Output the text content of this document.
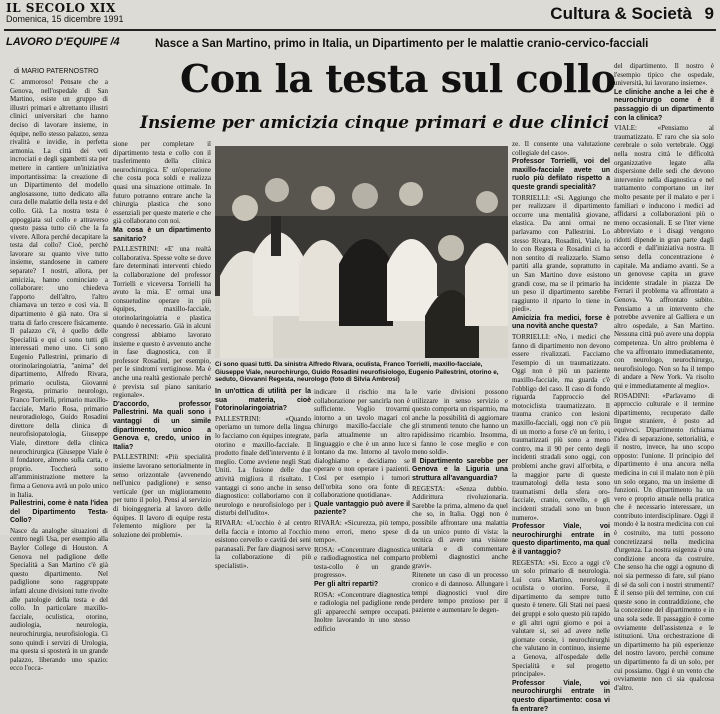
IL SECOLO XIX
Domenica, 15 dicembre 1991	Cultura & Società 9
LAVORO D'EQUIPE /4
di MARIO PATERNOSTRO
Nasce a San Martino, primo in Italia, un Dipartimento per le malattie cranio-cervico-facciali
Con la testa sul collo
Insieme per amicizia cinque primari e due clinici

C ammoroso! Pensate che a Genova, nell'ospedale di San Martino, esiste un gruppo di illustri primari e altrettanto illustri clinici universitari che hanno deciso di lavorare insieme, in équipe, nello stesso palazzo, senza rivalità e invidie, in perfetta armonia. La città dei veti incrociati e degli sgambetti sta per mettere in cantiere un'iniziativa importantissima: la creazione di un Dipartimento del modello anglosassone, tutto dedicato alla cura delle malattie della testa e del collo. Già. La nostra testa è appoggiata sul collo e attraverso questo passa tutto ciò che la fa vivere. Allora perchè decapitare la testa dal collo? Cioè, perchè lavorare su quanto vive tutto insieme, standosene in camere separate? I nostri, allora, per amicizia, hanno cominciato a collaborare: uno chiedeva l'apporto dell'altro, l'altro chiamava un terzo e così via. Il dipartimento è già nato. Ora si tratta di farlo crescere fisicamente. Il palazzo c'è, è quello delle Specialità e qui ci sono tutti gli interessati meno uno. Ci sono Eugenio Pallestrini, primario di otorinolaringoiatria, "anima" del dipartimento, Alfredo Rivara, primario oculista, Giovanni Regesta, primario neurologo, Franco Torrielli, primario maxillo-facciale, Mario Rosa, primario neuroradiologo, Guido Rosadini direttore della clinica di neurofisiopatologia, Giuseppe Viale, direttore della clinica neurochirurgica (Giuseppe Viale è il fondatore, almeno sulla carta, e proprio. Toccherà sotto all'amministrazione mettere la firma a Genova avrà un polo unico in Italia.

Pallestrini, come è nata l'idea del Dipartimento Testa-Collo?

Nasce da analoghe situazioni di centro negli Usa, per esempio alla Baylor College di Houston. A Genova nel padiglione delle Specialità a San Martino c'è già questo dipartimento. Nel padiglione sono raggruppate infatti alcune divisioni tutte rivolte alle patologie della testa e del collo. In particolare maxillo-facciale, oculistica, otorino, audiologia, neurologia, neurochirurgia, neurofisiologia. Ci sono quindi i servizi di Urologia, ma questa si sposterà in un grande palazzo, liberando uno spazio: ecco l'occa-

sione per completare il dipartimento testa e collo con il trasferimento della clinica neurochirurgica. E' un'operazione che costa poca soldi e realizza quasi una situazione ottimale. In futuro potranno entrare anche la chirurgia plastica che sono essenziali per queste materie e che già collaborano con noi.

Ma cosa è un dipartimento sanitario?

PALLESTRINI: «E' una realtà collaborativa. Spesse volte se dove fare determinati interventi chiedo la collaborazione del professor Torrielli e viceversa Torrielli ha avuto la mia. E' ormai una consuetudine operare in più équipes, maxillo-facciale, otorinolaringoiatria e plastica quando è necessario. Già in alcuni congressi abbiamo lavorato insieme e questo è avvenuto anche in fase diagnostica, con il professor Rosadini, per esempio, per le sindromi vertiginose. Ma è anche una realtà gestionale perchè è prevista sul piano sanitario regionale».

D'accordo, professor Pallestrini. Ma quali sono i vantaggi di un simile dipartimento, unico a Genova e, credo, unico in Italia?

PALLESTRINI: «Più specialità insieme lavorano settorialmente in senso orizzontale (avvenendo nell'unico padiglione) e senso verticale (per un miglioramento per tutto il polo). Pensi al servizio di bioingegneria al lavoro delle équipes. Il lavoro di equipe resta l'elemento migliore per la soluzione dei problemi».

Ci sono quasi tutti. Da sinistra Alfredo Rivara, oculista, Franco Torrielli, maxillo-facciale, Giuseppe Viale, neurochirurgo, Guido Rosadini neurofisiologo, Eugenio Pallestrini, otorino e, seduto, Giovanni Regesta, neurologo (foto di Silvia Ambrosi)

In un'ottica di utilità per la sua materia, cioè l'otorinolaringoiatria?

PALLESTRINI: «Quando operiamo un tumore della lingua lo facciamo con équipes integrate, otorino e maxillo-facciale. Il prodotto finale dell'intervento è il meglio. Come avviene negli Stati Uniti. La fusione delle due attività migliora il risultato. I vantaggi ci sono anche in senso diagnostico: collaboriamo con il neurologo e neurofisiologo per i disturbi dell'udito».

RIVARA: «L'occhio è al centro della faccia e intorno al l'occhio esistono cervello e cavità dei seni paranasali. Per fare diagnosi serve la collaborazione di più specialisti».

indicare il rischio ma la collaborazione per sancirla non è sufficiente. Voglio trovarmi intorno a un tavolo magari col chirurgo maxillo-facciale che parla attualmente un altro linguaggio e che è un anno luce lontano da me. Intorno al tavolo dialoghiamo e decidiamo se operare o non operare i pazienti. Così per esempio i tumori dell'orbita sono ora fonte di collaborazione quotidiana».

Quale vantaggio può avere il paziente?

RIVARA: «Sicurezza, più tempo, meno errori, meno spese di tempo».

ROSA: «Concentrare diagnostica e radiodiagnostica nel comparto testa-collo è un grande progresso».

Per gli altri reparti?

ROSA: «Concentrare diagnostica e radiologia nel padiglione rende gli apparecchi sempre occupati. Inoltre lavorando in uno stesso edificio

le varie divisioni possono utilizzare in senso servizio e questo comporta un risparmio, ma anche la possibilità di aggiornare gli strumenti tenuto che hanno un rapidissimo ricambio. Insomma, si fanno le cose meglio e con meno soldi».

Il Dipartimento sarebbe per Genova e la Liguria una struttura all'avanguardia?

REGESTA: «Senza dubbio. Addirittura rivoluzionaria. Sarebbe la prima, almeno da quel che so, in Italia. Oggi non è possibile affrontare una malattia da un unico punto di vista: la tecnica di avere una visione unitaria e di commentare problemi diagnostici anche gravi».

Ritenete un caso di un processo cronico e di dannoso. Allungare i tempi diagnostici vuol dire perdere tempo prezioso per il paziente e aumentare le degen-

ze. Il consente una valutazione collegiale del caso».

Professor Torrielli, voi del maxillo-facciale avete un ruolo più defilato rispetto a queste grandi specialità?

TORRIELLI: «Si. Aggiungo che per realizzare il dipartimento occorre una mentalità giovane, elastica. Da anni ormai ne parlavamo con Pallestrini. Lo stesso Rivara, Rosadini, Viale, io lo con Regesta e Rosadini ci ha non sentito di realizzarlo. Siamo partiti alla grande, soprattutto in un San Martino dove esistono grandi cose, ma se il primario ha un peso il dipartimento sarebbe raggiunto il riparto lo tiene in piedi».

Amicizia fra medici, forse è una novità anche questa?

TORRIELLI: «No, i medici che fanno di dipartimento non devono essere rivalizzati. Facciamo l'esempio di un traumatizzato. Oggi non è più un paziente maxillo-facciale, ma guarda c'è l'obbligo del caso. Il caso di fondo riguarda l'approccio del motociclista traumatizzato. Il trauma cranico con lesioni maxillo-facciali, oggi non c'è più di un morto a forse c'è un ferito, i traumatizzati più sono a meno contro, ma il 90 per cento degli incidenti stradali sono oggi, con problemi anche gravi all'orbita, e la maggior parte di queste traumatologi della testa sono traumatismi della sfera oro-facciale, cranio, cervello, e gli incidenti stradali sono un buon numero».

Professor Viale, voi neurochirurghi entrate in questo dipartimento, ma qual è il vantaggio?

REGESTA: «Si. Ecco a oggi c'è un solo primario di neurologia. Lui cura Martino, neurologo, oculista o otorino. Forse, il dipartimento da sempre tutto questo è tenere. Gli Stati nei paesi dei gruppi e solo questo più rapido e gli altri ogni giorno e poi a valutare si, sei ad avere nelle giornate corsie, i neurochirurghi che valutano in continuo, insieme a Genova, all'ospedale delle Specialità e sul progetto principale».

Professor Viale, voi neurochirurghi entrate in questo dipartimento: cosa vi fa entrare?

del dipartimento. Il nostro è l'esempio tipico che ospedale, università, lui lavorano insieme».

Le cliniche anche a lei che è neurochirurgo come è il passaggio di un dipartimento con la clinica?

VIALE: «Pensiamo al traumatizzato. E' raro che sia solo cerebrale o solo vertebrale. Oggi nella nostra città le difficoltà organizzative legate alla dispersione delle sedi che devono intervenire nella diagnostica e nel trattamento comportano un iter molto pesante per il malato e per i familiari e inducono i medici ad affidarsi a collaborazioni più o meno occasionali. E se l'iter viene abbreviato e i disagi vengono ridotti dipende in gran parte dagli accordi e dall'iniziativa nostra. Il senso della concentrazione è capitale. Ma andiamo avanti. Se a un genovese capita un grave incidente stradale in piazza De Ferrari il problema va affrontato a Genova. Va affrontato subito. Pensiamo a un intervento che potrebbe avvenire al Galliera e un altro ospedale, a San Martino. Nessuna città può avere una doppia competenza. Un altro problema è che va affrontato immediatamente, con neurologo, neurochirurgo, neurofisiologo. Non so ha il tempo di andare a New York. Va risolto qui e immediatamente al meglio».

ROSADINI: «Parlavamo di approccio culturale e il termine dipartimento, recuperato dalle lingue straniere, è posto ad equivoci. Dipartimento richiama l'idea di separazione, settorialità, e il nostro, invece, ha uno scopo opposto: l'unione. Il principio del dipartimento è una ancora nella medicina in cui il malato non è più un solo organo, ma un insieme di funzioni. Un dipartimento ha un vero e proprio attuale nella pratica che è necessario interessare, un contributo interdisciplinare. Oggi il mondo è la nostra medicina con cui è costruito, ma tutti possono concretizzarsi nella medicina d'urgenza. La nostra esigenza è una condizione ancora da costruire. Che senso ha che oggi a ognuno di noi sia permesso di fare, sul piano di sé da soli con i nostri strumenti? È il senso più del termine, con cui queste sono in contraddizione, che la concezione del dipartimento e in una sola sede. Il passaggio è come ovviamente dell'assistenza e le istituzioni. Una orchestrazione di un dipartimento ha più esperienze del nostro lavoro, perchè comune un dipartimento fa di un solo, per cui possiamo. Oggi è un vento che ovviamente non ci sia qualcosa d'altro.
